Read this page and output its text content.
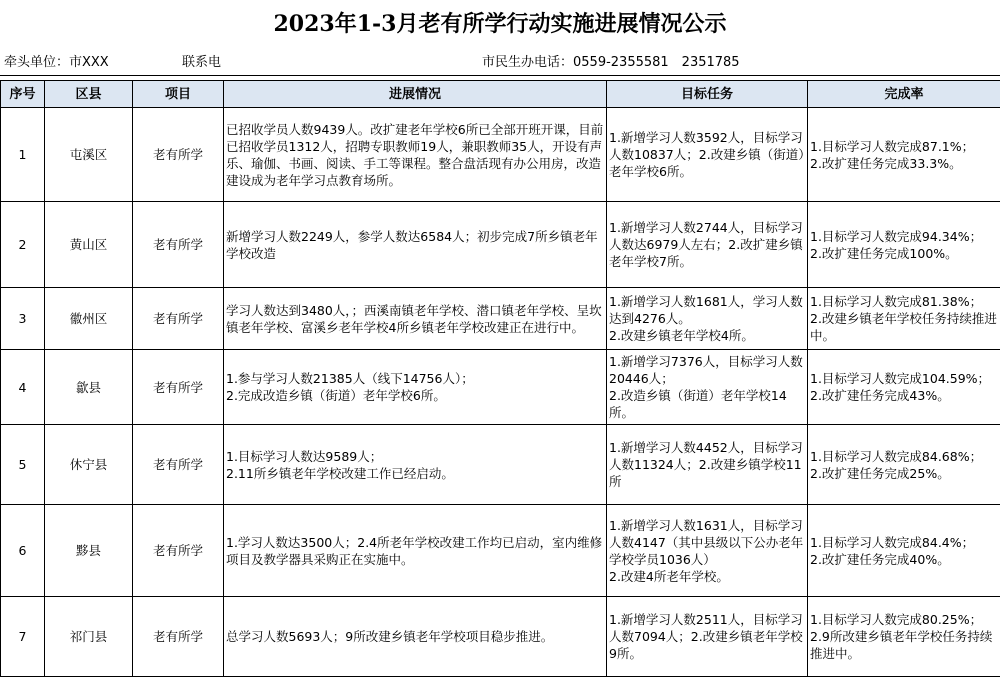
2023年1-3月老有所学行动实施进展情况公示
牵头单位：市XXX	联系电	市民生办电话：0559-2355581　2351785
序号	区县	项目	进展情况	目标任务	完成率
1	屯溪区	老有所学	已招收学员人数9439人。改扩建老年学校6所已全部开班开课，目前已招收学员1312人，招聘专职教师19人，兼职教师35人，开设有声乐、瑜伽、书画、阅读、手工等课程。整合盘活现有办公用房，改造建设成为老年学习点教育场所。	1.新增学习人数3592人，目标学习人数10837人；2.改建乡镇（街道）老年学校6所。	1.目标学习人数完成87.1%；
2.改扩建任务完成33.3%。

2	黄山区	老有所学	新增学习人数2249人，参学人数达6584人；初步完成7所乡镇老年学校改造	1.新增学习人数2744人，目标学习人数达6979人左右；2.改扩建乡镇老年学校7所。	1.目标学习人数完成94.34%；
2.改扩建任务完成100%。

3	徽州区	老有所学	学习人数达到3480人，；西溪南镇老年学校、潜口镇老年学校、呈坎镇老年学校、富溪乡老年学校4所乡镇老年学校改建正在进行中。	1.新增学习人数1681人，学习人数达到4276人。
2.改建乡镇老年学校4所。	1.目标学习人数完成81.38%；
2.改建乡镇老年学校任务持续推进中。

4	歙县	老有所学	1.参与学习人数21385人（线下14756人）；
2.完成改造乡镇（街道）老年学校6所。	1.新增学习7376人，目标学习人数20446人；
2.改造乡镇（街道）老年学校14所。	1.目标学习人数完成104.59%；
2.改扩建任务完成43%。

5	休宁县	老有所学	1.目标学习人数达9589人；
2.11所乡镇老年学校改建工作已经启动。	1.新增学习人数4452人，目标学习人数11324人；2.改建乡镇学校11所	1.目标学习人数完成84.68%；
2.改扩建任务完成25%。

6	黟县	老有所学	1.学习人数达3500人；2.4所老年学校改建工作均已启动，室内维修项目及教学器具采购正在实施中。	1.新增学习人数1631人，目标学习人数4147（其中县级以下公办老年学校学员1036人）
2.改建4所老年学校。	1.目标学习人数完成84.4%；
2.改扩建任务完成40%。

7	祁门县	老有所学	总学习人数5693人；9所改建乡镇老年学校项目稳步推进。	1.新增学习人数2511人，目标学习人数7094人；2.改建乡镇老年学校9所。	1.目标学习人数完成80.25%；
2.9所改建乡镇老年学校任务持续推进中。
